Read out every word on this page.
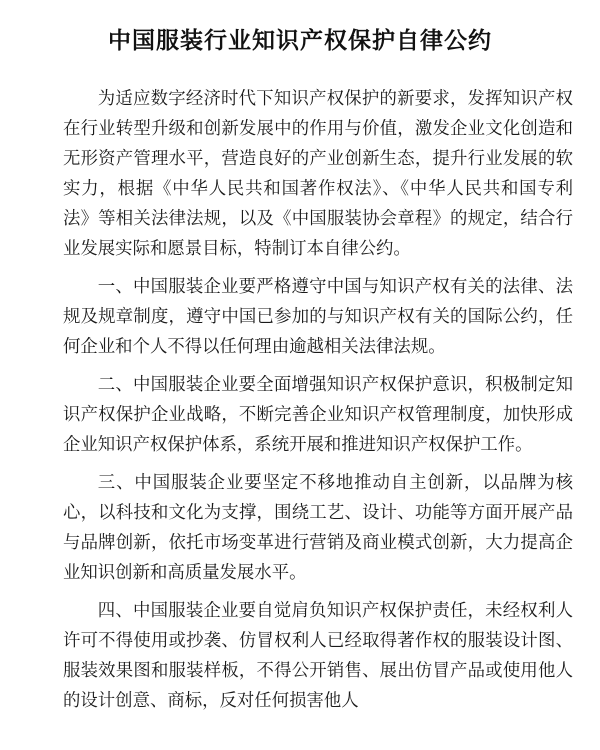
中国服装行业知识产权保护自律公约

为适应数字经济时代下知识产权保护的新要求，发挥知识产权在行业转型升级和创新发展中的作用与价值，激发企业文化创造和无形资产管理水平，营造良好的产业创新生态，提升行业发展的软实力，根据《中华人民共和国著作权法》、《中华人民共和国专利法》等相关法律法规，以及《中国服装协会章程》的规定，结合行业发展实际和愿景目标，特制订本自律公约。

一、中国服装企业要严格遵守中国与知识产权有关的法律、法规及规章制度，遵守中国已参加的与知识产权有关的国际公约，任何企业和个人不得以任何理由逾越相关法律法规。

二、中国服装企业要全面增强知识产权保护意识，积极制定知识产权保护企业战略，不断完善企业知识产权管理制度，加快形成企业知识产权保护体系，系统开展和推进知识产权保护工作。

三、中国服装企业要坚定不移地推动自主创新，以品牌为核心，以科技和文化为支撑，围绕工艺、设计、功能等方面开展产品与品牌创新，依托市场变革进行营销及商业模式创新，大力提高企业知识创新和高质量发展水平。

四、中国服装企业要自觉肩负知识产权保护责任，未经权利人许可不得使用或抄袭、仿冒权利人已经取得著作权的服装设计图、服装效果图和服装样板，不得公开销售、展出仿冒产品或使用他人的设计创意、商标，反对任何损害他人
